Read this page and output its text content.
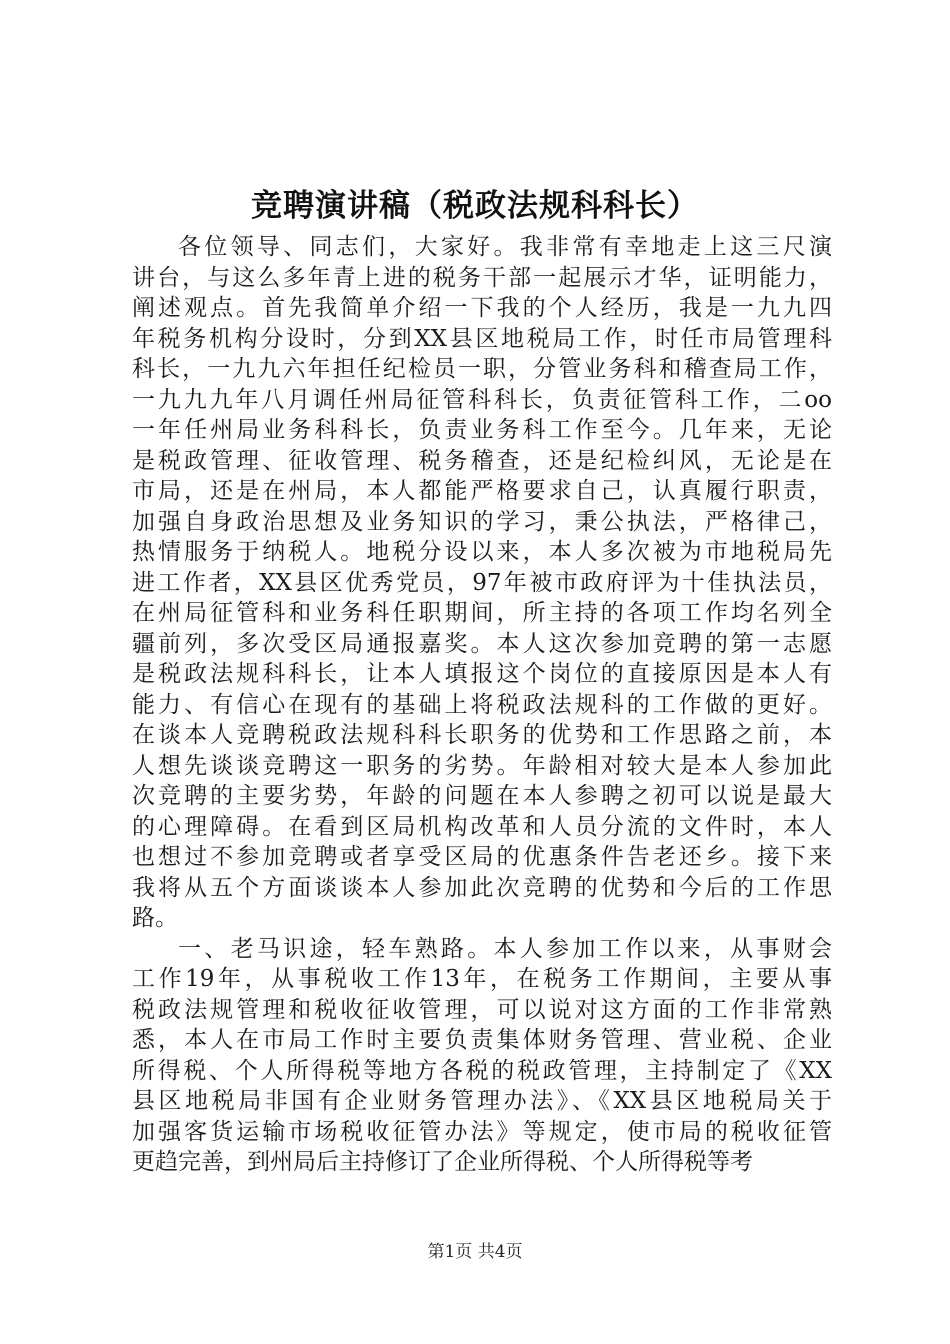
竞聘演讲稿（税政法规科科长）
各位领导、同志们，大家好。我非常有幸地走上这三尺演
讲台，与这么多年青上进的税务干部一起展示才华，证明能力，
阐述观点。首先我简单介绍一下我的个人经历，我是一九九四
年税务机构分设时，分到XX县区地税局工作，时任市局管理科
科长，一九九六年担任纪检员一职，分管业务科和稽查局工作，
一九九九年八月调任州局征管科科长，负责征管科工作，二oo
一年任州局业务科科长，负责业务科工作至今。几年来，无论
是税政管理、征收管理、税务稽查，还是纪检纠风，无论是在
市局，还是在州局，本人都能严格要求自己，认真履行职责，
加强自身政治思想及业务知识的学习，秉公执法，严格律己，
热情服务于纳税人。地税分设以来，本人多次被为市地税局先
进工作者，XX县区优秀党员，97年被市政府评为十佳执法员，
在州局征管科和业务科任职期间，所主持的各项工作均名列全
疆前列，多次受区局通报嘉奖。本人这次参加竞聘的第一志愿
是税政法规科科长，让本人填报这个岗位的直接原因是本人有
能力、有信心在现有的基础上将税政法规科的工作做的更好。
在谈本人竞聘税政法规科科长职务的优势和工作思路之前，本
人想先谈谈竞聘这一职务的劣势。年龄相对较大是本人参加此
次竞聘的主要劣势，年龄的问题在本人参聘之初可以说是最大
的心理障碍。在看到区局机构改革和人员分流的文件时，本人
也想过不参加竞聘或者享受区局的优惠条件告老还乡。接下来
我将从五个方面谈谈本人参加此次竞聘的优势和今后的工作思
路。
一、老马识途，轻车熟路。本人参加工作以来，从事财会
工作19年，从事税收工作13年，在税务工作期间，主要从事
税政法规管理和税收征收管理，可以说对这方面的工作非常熟
悉，本人在市局工作时主要负责集体财务管理、营业税、企业
所得税、个人所得税等地方各税的税政管理，主持制定了《XX
县区地税局非国有企业财务管理办法》、《XX县区地税局关于
加强客货运输市场税收征管办法》等规定，使市局的税收征管
更趋完善，到州局后主持修订了企业所得税、个人所得税等考
第1页 共4页
